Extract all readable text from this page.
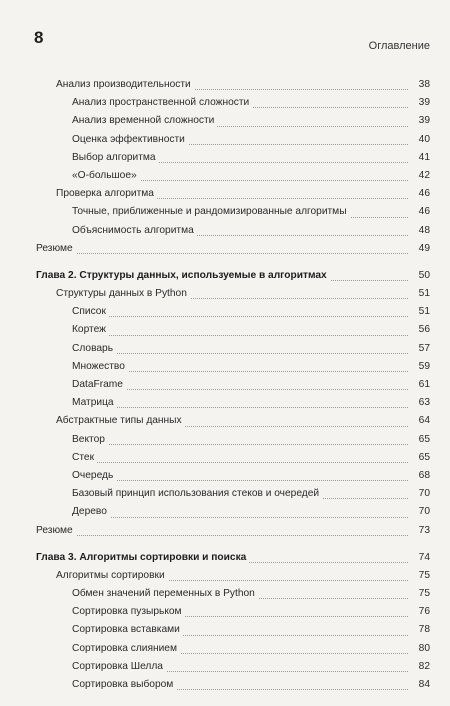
8	Оглавление
Анализ производительности	38
Анализ пространственной сложности	39
Анализ временной сложности	39
Оценка эффективности	40
Выбор алгоритма	41
«О-большое»	42
Проверка алгоритма	46
Точные, приближенные и рандомизированные алгоритмы	46
Объяснимость алгоритма	48
Резюме	49
Глава 2. Структуры данных, используемые в алгоритмах	50
Структуры данных в Python	51
Список	51
Кортеж	56
Словарь	57
Множество	59
DataFrame	61
Матрица	63
Абстрактные типы данных	64
Вектор	65
Стек	65
Очередь	68
Базовый принцип использования стеков и очередей	70
Дерево	70
Резюме	73
Глава 3. Алгоритмы сортировки и поиска	74
Алгоритмы сортировки	75
Обмен значений переменных в Python	75
Сортировка пузырьком	76
Сортировка вставками	78
Сортировка слиянием	80
Сортировка Шелла	82
Сортировка выбором	84
